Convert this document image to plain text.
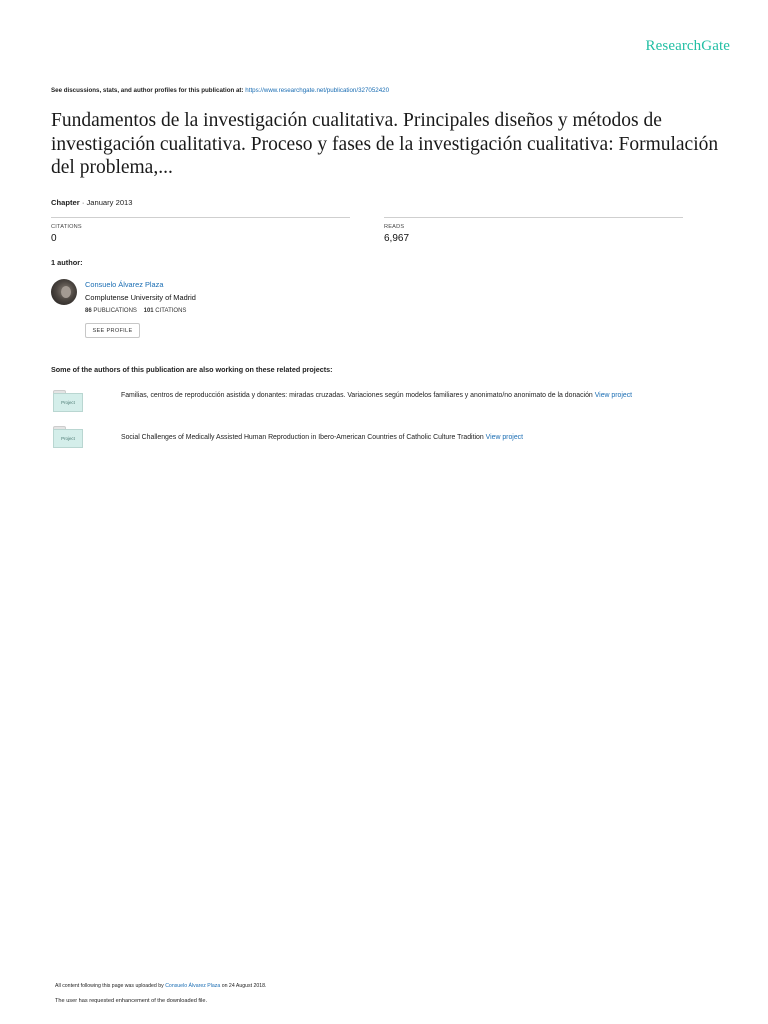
ResearchGate
See discussions, stats, and author profiles for this publication at: https://www.researchgate.net/publication/327052420
Fundamentos de la investigación cualitativa. Principales diseños y métodos de investigación cualitativa. Proceso y fases de la investigación cualitativa: Formulación del problema,...
Chapter · January 2013
CITATIONS
0
READS
6,967
1 author:
Consuelo Álvarez Plaza
Complutense University of Madrid
86 PUBLICATIONS 101 CITATIONS
SEE PROFILE
Some of the authors of this publication are also working on these related projects:
Project
Familias, centros de reproducción asistida y donantes: miradas cruzadas. Variaciones según modelos familiares y anonimato/no anonimato de la donación View project
Project	Social Challenges of Medically Assisted Human Reproduction in Ibero-American Countries of Catholic Culture Tradition View project
All content following this page was uploaded by Consuelo Álvarez Plaza on 24 August 2018.
The user has requested enhancement of the downloaded file.
